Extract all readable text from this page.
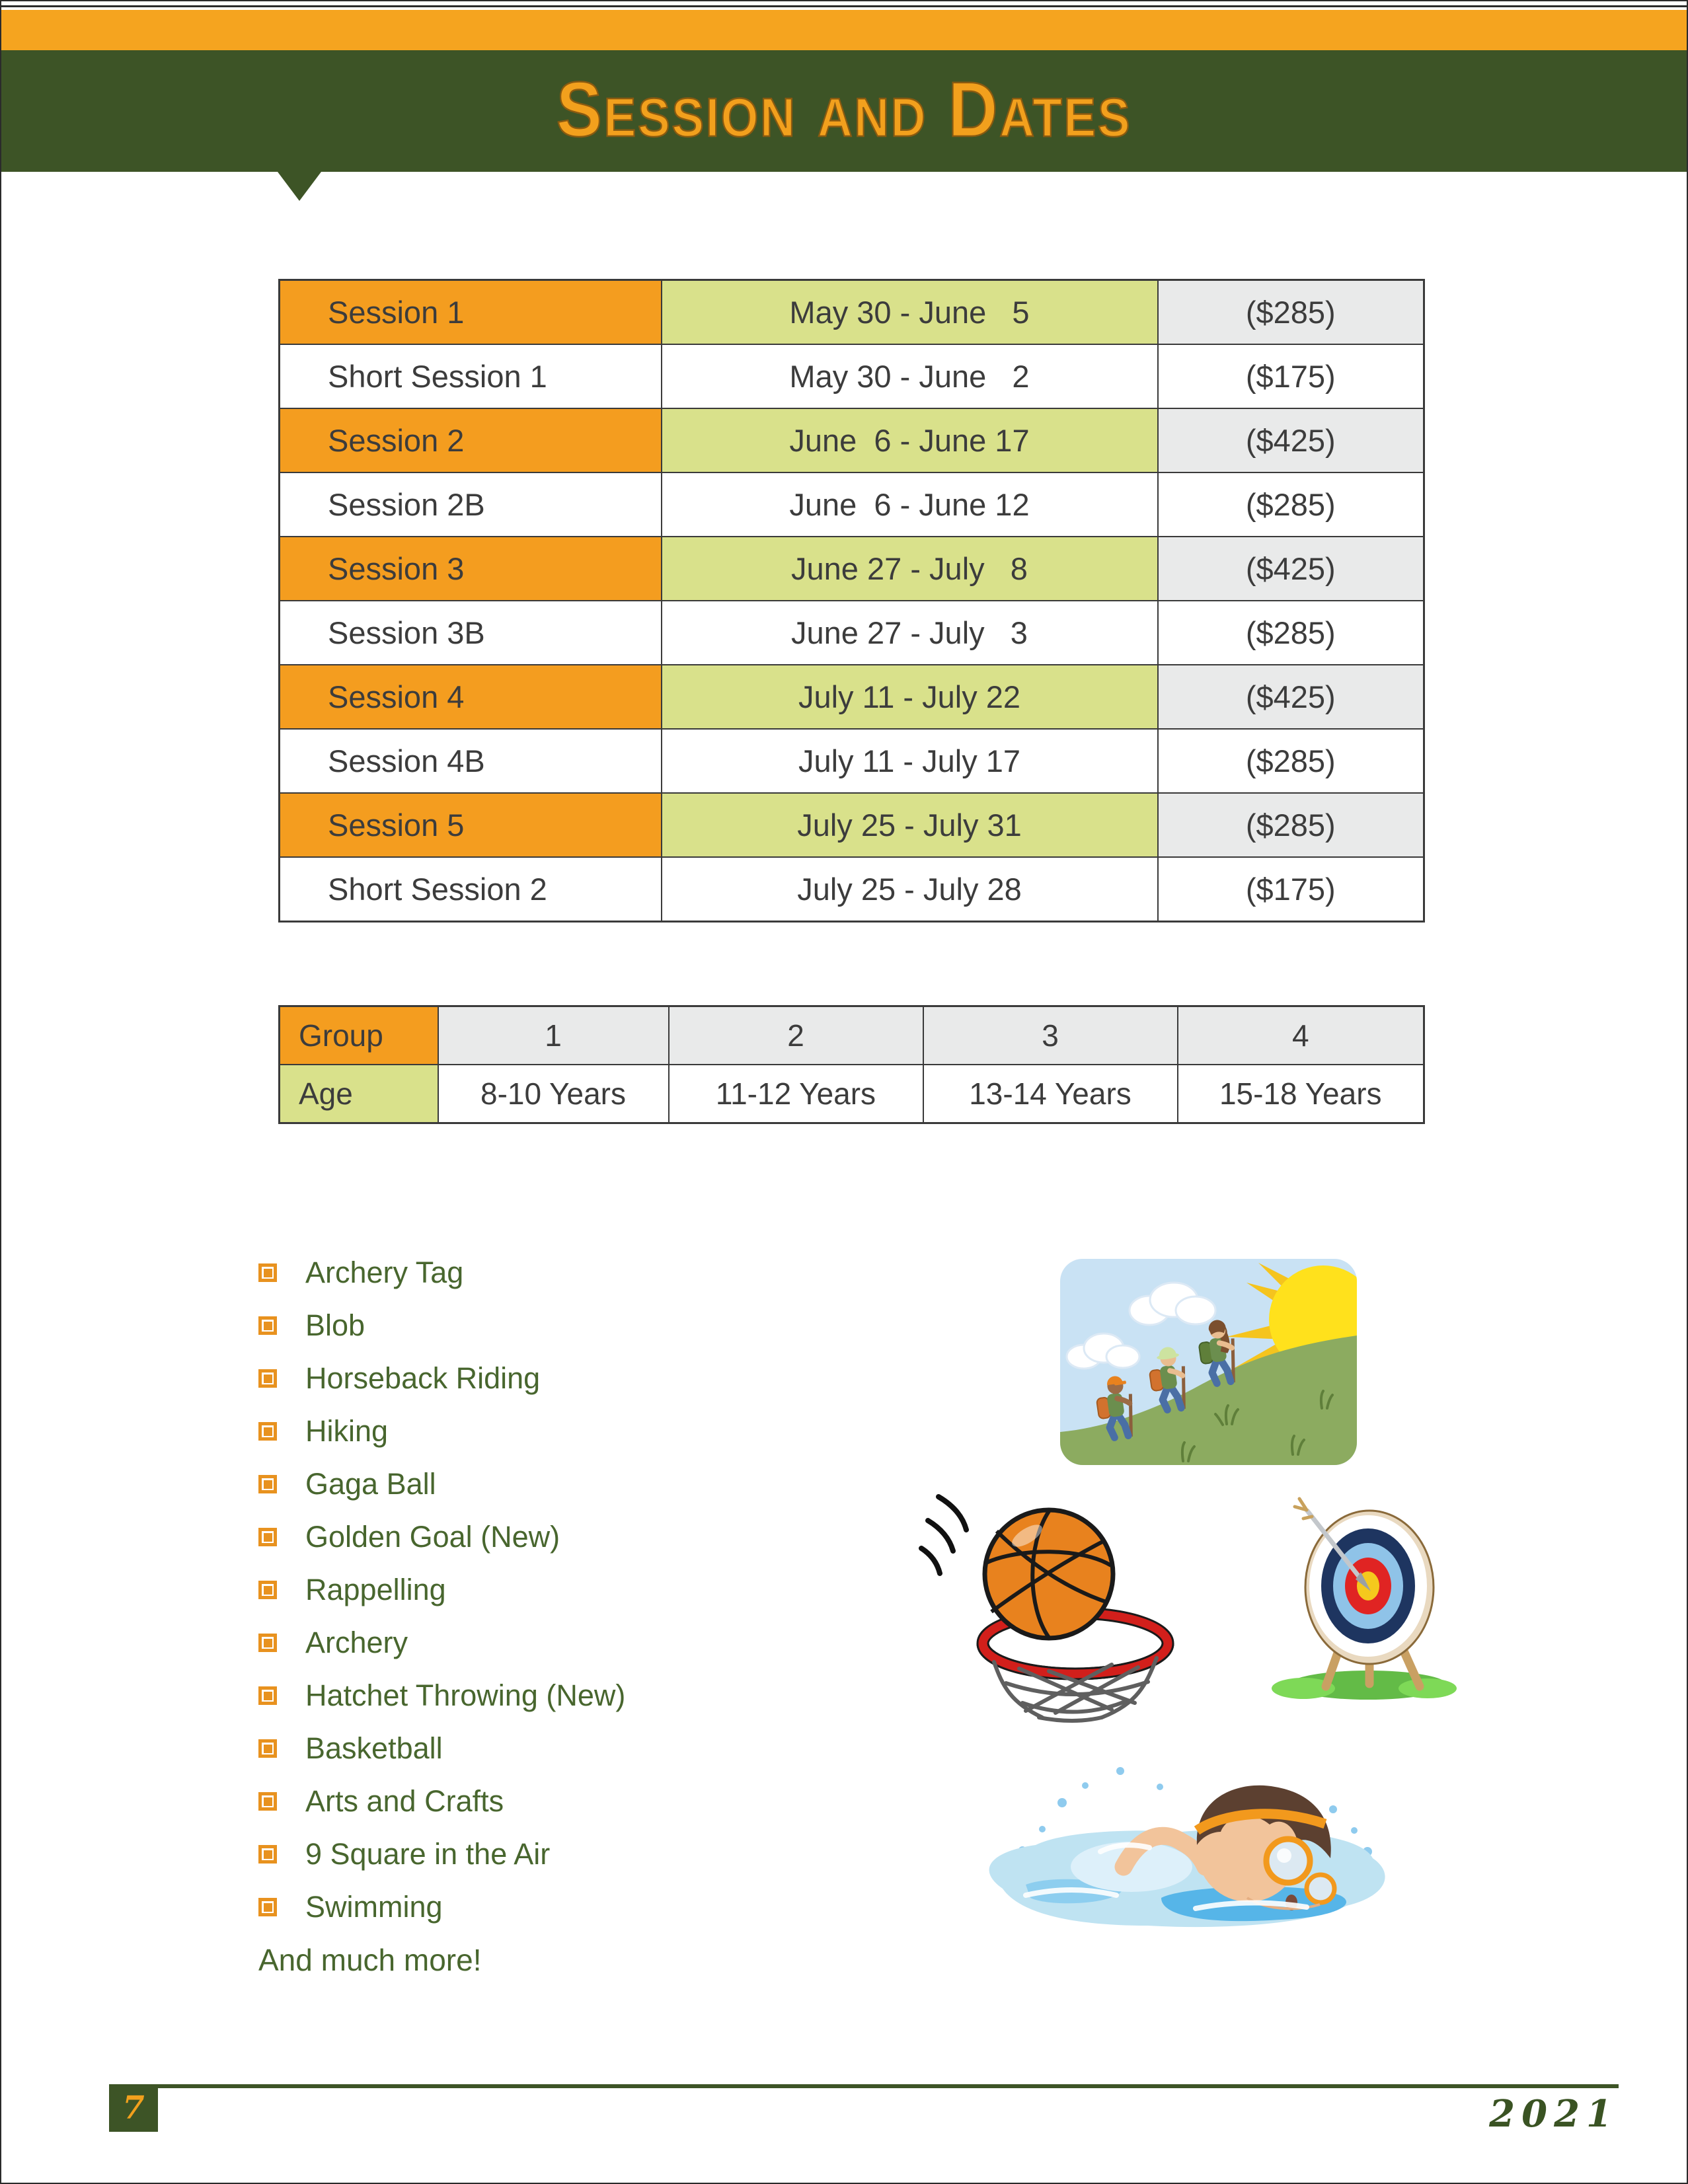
Session and Dates
Session 1	May 30 - June   5	($285)
Short Session 1	May 30 - June   2	($175)
Session 2	June  6 - June 17	($425)
Session 2B	June  6 - June 12	($285)
Session 3	June 27 - July   8	($425)
Session 3B	June 27 - July   3	($285)
Session 4	July 11 - July 22	($425)
Session 4B	July 11 - July 17	($285)
Session 5	July 25 - July 31	($285)
Short Session 2	July 25 - July 28	($175)
Group	1	2	3	4
Age	8-10 Years	11-12 Years	13-14 Years	15-18 Years
Archery Tag
Blob
Horseback Riding
Hiking
Gaga Ball
Golden Goal (New)
Rappelling
Archery
Hatchet Throwing (New)
Basketball
Arts and Crafts
9 Square in the Air
Swimming
And much more!
7	2021
